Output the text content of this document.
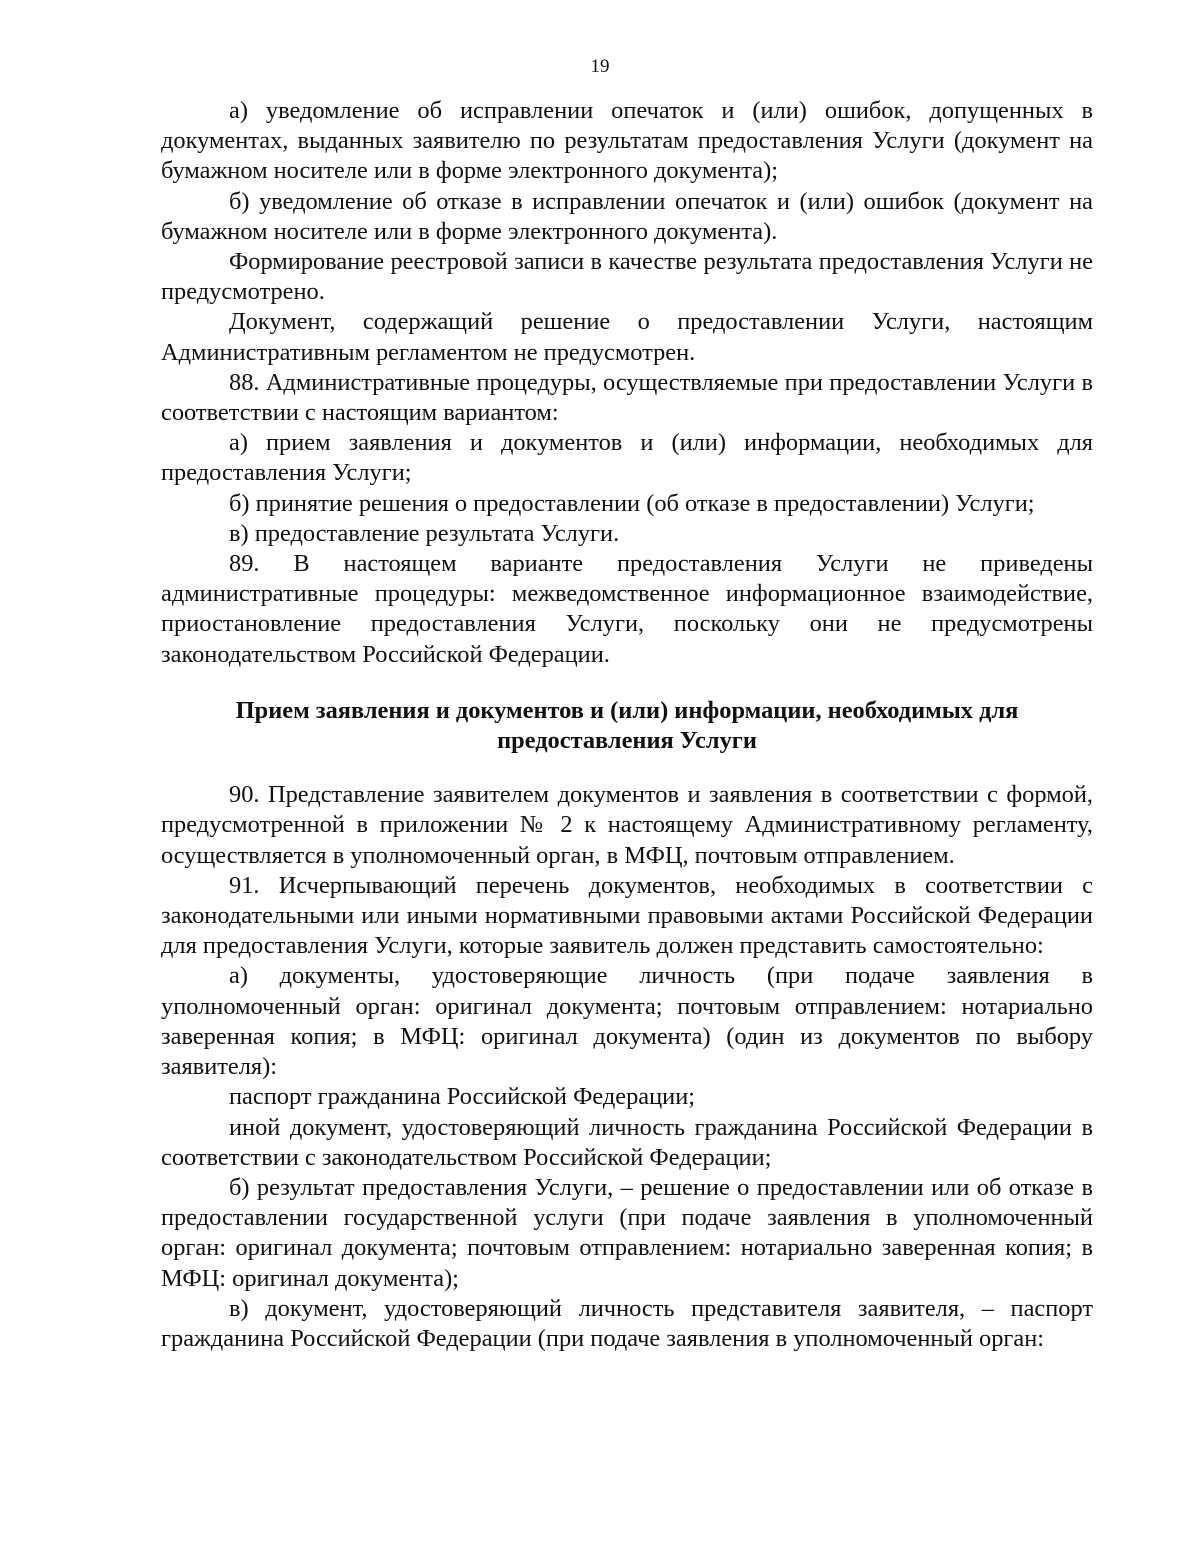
19

а) уведомление об исправлении опечаток и (или) ошибок, допущенных в документах, выданных заявителю по результатам предоставления Услуги (документ на бумажном носителе или в форме электронного документа);

б) уведомление об отказе в исправлении опечаток и (или) ошибок (документ на бумажном носителе или в форме электронного документа).

Формирование реестровой записи в качестве результата предоставления Услуги не предусмотрено.

Документ, содержащий решение о предоставлении Услуги, настоящим Административным регламентом не предусмотрен.

88. Административные процедуры, осуществляемые при предоставлении Услуги в соответствии с настоящим вариантом:

а) прием заявления и документов и (или) информации, необходимых для предоставления Услуги;

б) принятие решения о предоставлении (об отказе в предоставлении) Услуги;

в) предоставление результата Услуги.

89. В настоящем варианте предоставления Услуги не приведены административные процедуры: межведомственное информационное взаимодействие, приостановление предоставления Услуги, поскольку они не предусмотрены законодательством Российской Федерации.

Прием заявления и документов и (или) информации, необходимых для предоставления Услуги

90. Представление заявителем документов и заявления в соответствии с формой, предусмотренной в приложении № 2 к настоящему Административному регламенту, осуществляется в уполномоченный орган, в МФЦ, почтовым отправлением.

91. Исчерпывающий перечень документов, необходимых в соответствии с законодательными или иными нормативными правовыми актами Российской Федерации для предоставления Услуги, которые заявитель должен представить самостоятельно:

а) документы, удостоверяющие личность (при подаче заявления в уполномоченный орган: оригинал документа; почтовым отправлением: нотариально заверенная копия; в МФЦ: оригинал документа) (один из документов по выбору заявителя):

паспорт гражданина Российской Федерации;

иной документ, удостоверяющий личность гражданина Российской Федерации в соответствии с законодательством Российской Федерации;

б) результат предоставления Услуги, – решение о предоставлении или об отказе в предоставлении государственной услуги (при подаче заявления в уполномоченный орган: оригинал документа; почтовым отправлением: нотариально заверенная копия; в МФЦ: оригинал документа);

в) документ, удостоверяющий личность представителя заявителя, – паспорт гражданина Российской Федерации (при подаче заявления в уполномоченный орган:
